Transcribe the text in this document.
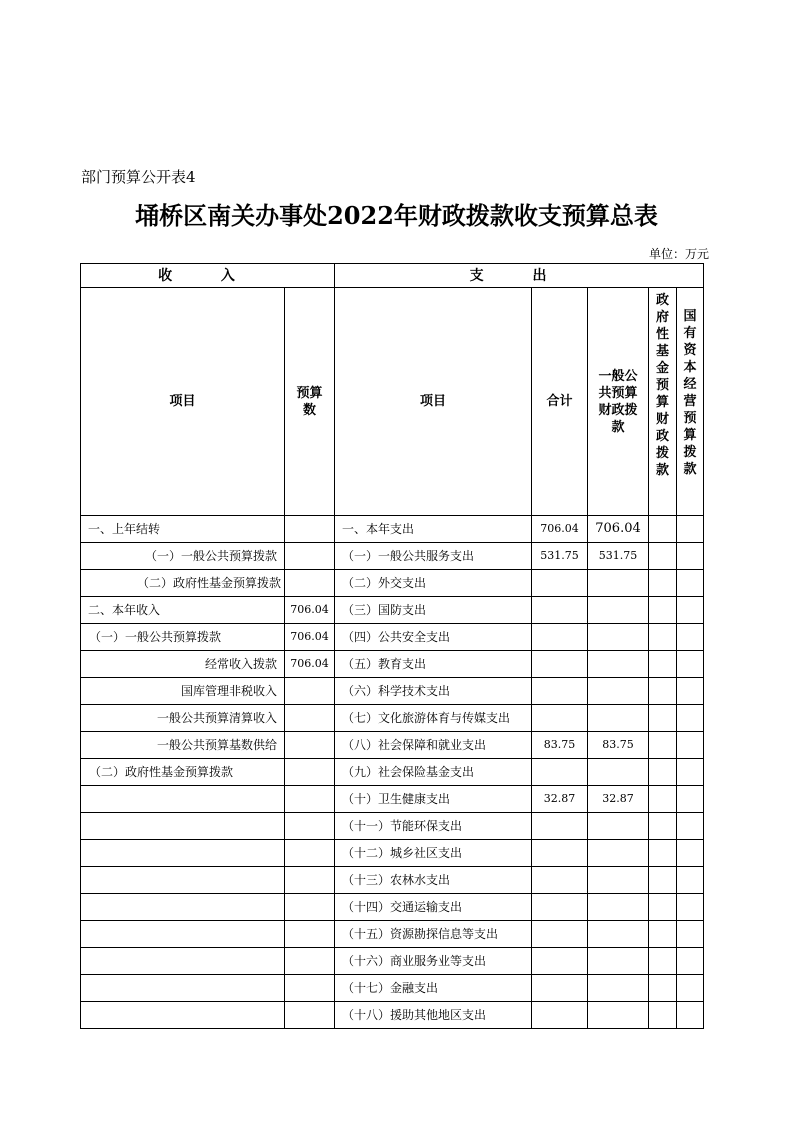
部门预算公开表4
埇桥区南关办事处2022年财政拨款收支预算总表
单位：万元
收 入		支 出				
项目	预算数	项目	合计	一般公共预算财政拨款	政府性基金预算财政拨款	国有资本经营预算拨款

一、上年结转		一、本年支出	706.04	706.04		
（一）一般公共预算拨款		（一）一般公共服务支出	531.75	531.75		
（二）政府性基金预算拨款		（二）外交支出				
二、本年收入	706.04	（三）国防支出				
（一）一般公共预算拨款	706.04	（四）公共安全支出				
经常收入拨款	706.04	（五）教育支出				
国库管理非税收入		（六）科学技术支出				
一般公共预算清算收入		（七）文化旅游体育与传媒支出				
一般公共预算基数供给		（八）社会保障和就业支出	83.75	83.75		
（二）政府性基金预算拨款		（九）社会保险基金支出				
		（十）卫生健康支出	32.87	32.87		
		（十一）节能环保支出				
		（十二）城乡社区支出				
		（十三）农林水支出				
		（十四）交通运输支出				
		（十五）资源勘探信息等支出				
		（十六）商业服务业等支出				
		（十七）金融支出				
		（十八）援助其他地区支出				
